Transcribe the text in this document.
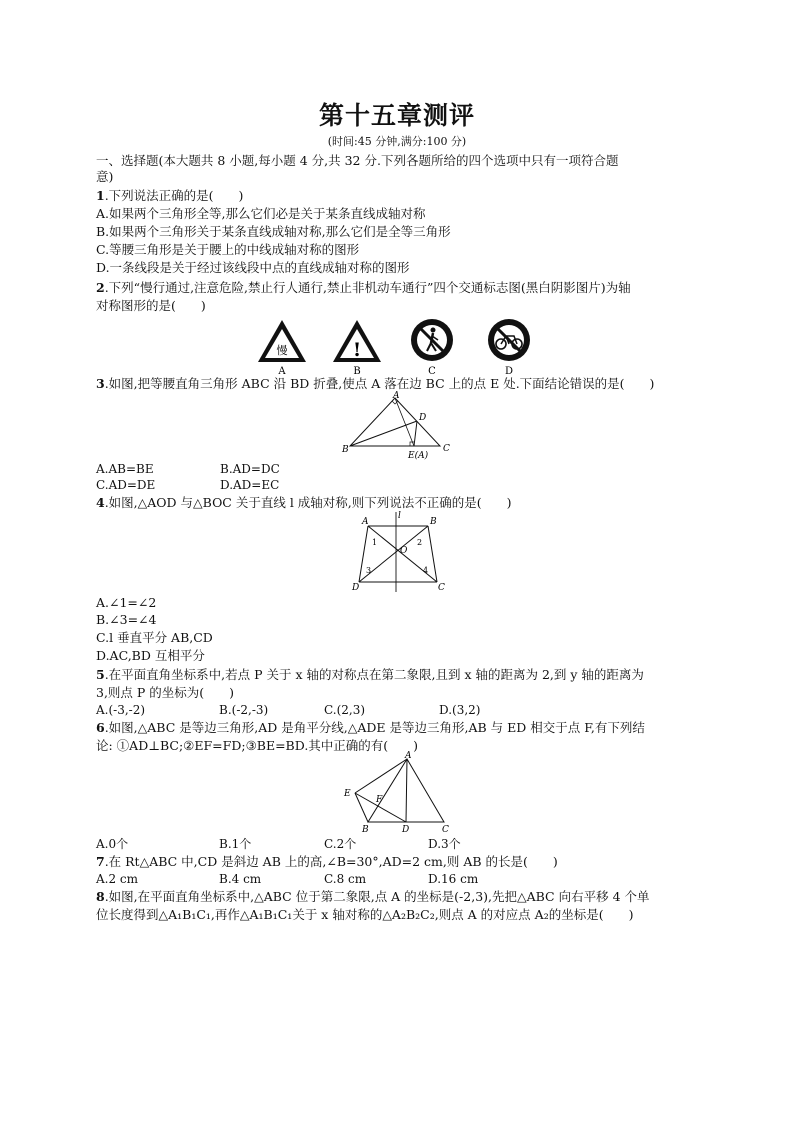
第十五章测评
(时间:45 分钟,满分:100 分)
一、选择题(本大题共 8 小题,每小题 4 分,共 32 分.下列各题所给的四个选项中只有一项符合题
意)
1.下列说法正确的是(　　)
A.如果两个三角形全等,那么它们必是关于某条直线成轴对称
B.如果两个三角形关于某条直线成轴对称,那么它们是全等三角形
C.等腰三角形是关于腰上的中线成轴对称的图形
D.一条线段是关于经过该线段中点的直线成轴对称的图形
2.下列“慢行通过,注意危险,禁止行人通行,禁止非机动车通行”四个交通标志图(黑白阴影图片)为轴
对称图形的是(　　)
慢	!
A	B	C	D
3.如图,把等腰直角三角形 ABC 沿 BD 折叠,使点 A 落在边 BC 上的点 E 处.下面结论错误的是(　　)
A
B	C
D
E(A)
A.AB=BE	B.AD=DC
C.AD=DE	D.AD=EC
4.如图,△AOD 与△BOC 关于直线 l 成轴对称,则下列说法不正确的是(　　)
l
A	B
C
D
O
1	2
3	4
A.∠1=∠2
B.∠3=∠4
C.l 垂直平分 AB,CD
D.AC,BD 互相平分
5.在平面直角坐标系中,若点 P 关于 x 轴的对称点在第二象限,且到 x 轴的距离为 2,到 y 轴的距离为
3,则点 P 的坐标为(　　)
A.(-3,-2)	B.(-2,-3)	C.(2,3)	D.(3,2)
6.如图,△ABC 是等边三角形,AD 是角平分线,△ADE 是等边三角形,AB 与 ED 相交于点 F,有下列结
论: ①AD⊥BC;②EF=FD;③BE=BD.其中正确的有(　　)
A
B	C
D
E
F
A.0个	B.1个	C.2个	D.3个
7.在 Rt△ABC 中,CD 是斜边 AB 上的高,∠B=30°,AD=2 cm,则 AB 的长是(　　)
A.2 cm	B.4 cm	C.8 cm	D.16 cm
8.如图,在平面直角坐标系中,△ABC 位于第二象限,点 A 的坐标是(-2,3),先把△ABC 向右平移 4 个单
位长度得到△A₁B₁C₁,再作△A₁B₁C₁关于 x 轴对称的△A₂B₂C₂,则点 A 的对应点 A₂的坐标是(　　)
